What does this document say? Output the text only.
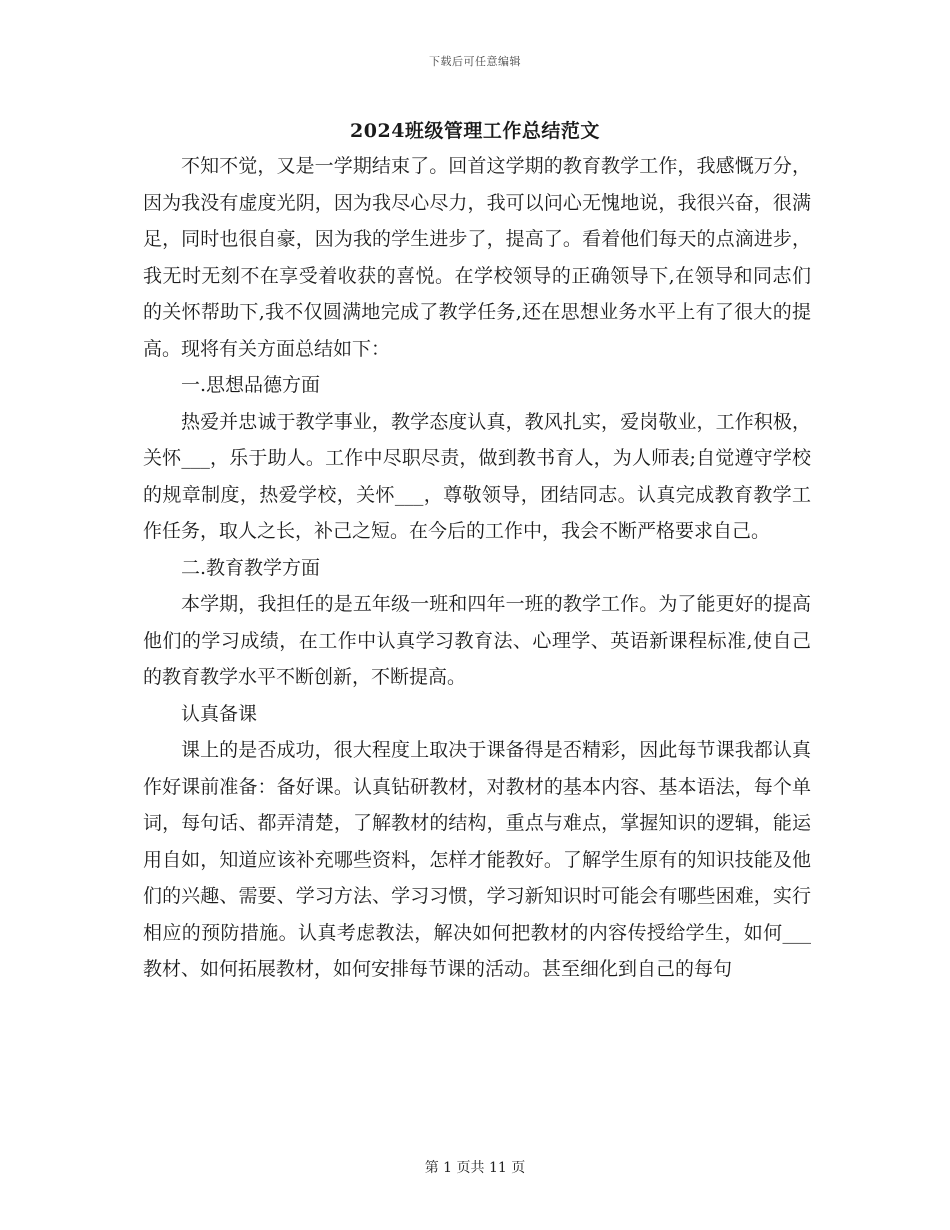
下载后可任意编辑
2024班级管理工作总结范文

不知不觉，又是一学期结束了。回首这学期的教育教学工作，我感慨万分，因为我没有虚度光阴，因为我尽心尽力，我可以问心无愧地说，我很兴奋，很满足，同时也很自豪，因为我的学生进步了，提高了。看着他们每天的点滴进步，我无时无刻不在享受着收获的喜悦。在学校领导的正确领导下,在领导和同志们的关怀帮助下,我不仅圆满地完成了教学任务,还在思想业务水平上有了很大的提高。现将有关方面总结如下：

一.思想品德方面

热爱并忠诚于教学事业，教学态度认真，教风扎实，爱岗敬业，工作积极，关怀___，乐于助人。工作中尽职尽责，做到教书育人，为人师表;自觉遵守学校的规章制度，热爱学校，关怀___，尊敬领导，团结同志。认真完成教育教学工作任务，取人之长，补己之短。在今后的工作中，我会不断严格要求自己。

二.教育教学方面

本学期，我担任的是五年级一班和四年一班的教学工作。为了能更好的提高他们的学习成绩，在工作中认真学习教育法、心理学、英语新课程标准,使自己的教育教学水平不断创新，不断提高。

认真备课

课上的是否成功，很大程度上取决于课备得是否精彩，因此每节课我都认真作好课前准备：备好课。认真钻研教材，对教材的基本内容、基本语法，每个单词，每句话、都弄清楚，了解教材的结构，重点与难点，掌握知识的逻辑，能运用自如，知道应该补充哪些资料，怎样才能教好。了解学生原有的知识技能及他们的兴趣、需要、学习方法、学习习惯，学习新知识时可能会有哪些困难，实行相应的预防措施。认真考虑教法，解决如何把教材的内容传授给学生，如何___教材、如何拓展教材，如何安排每节课的活动。甚至细化到自己的每句

第 1 页共 11 页
